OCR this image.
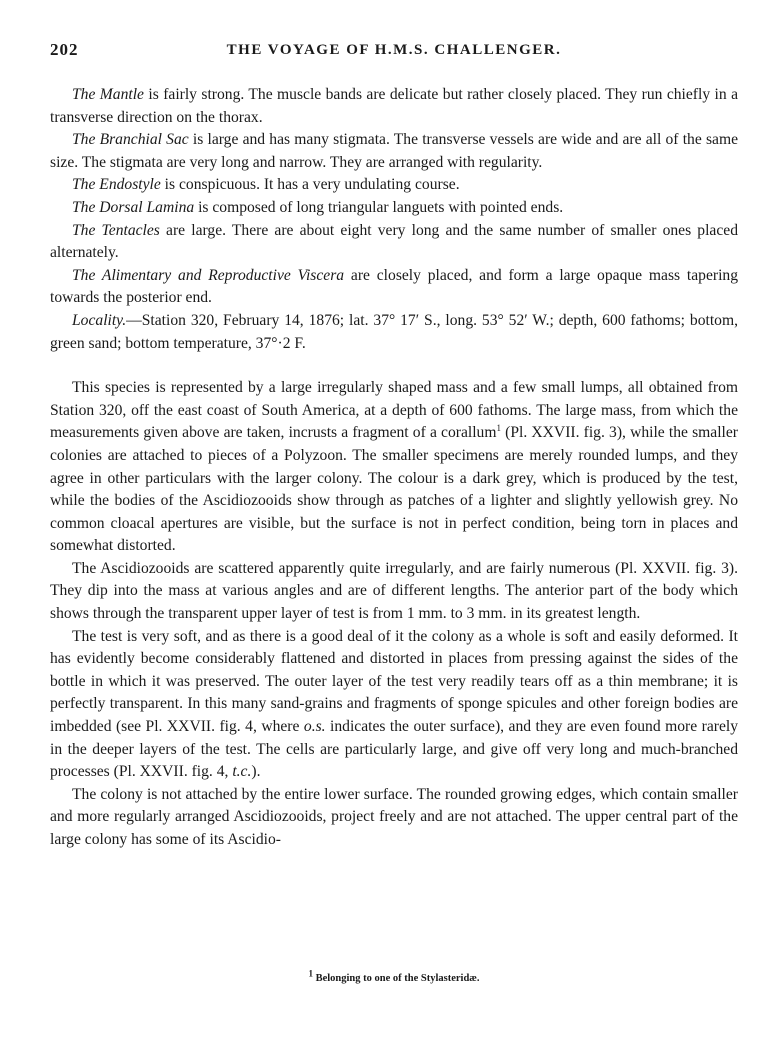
202	THE VOYAGE OF H.M.S. CHALLENGER.

The Mantle is fairly strong. The muscle bands are delicate but rather closely placed. They run chiefly in a transverse direction on the thorax.

The Branchial Sac is large and has many stigmata. The transverse vessels are wide and are all of the same size. The stigmata are very long and narrow. They are arranged with regularity.

The Endostyle is conspicuous. It has a very undulating course.

The Dorsal Lamina is composed of long triangular languets with pointed ends.

The Tentacles are large. There are about eight very long and the same number of smaller ones placed alternately.

The Alimentary and Reproductive Viscera are closely placed, and form a large opaque mass tapering towards the posterior end.

Locality.—Station 320, February 14, 1876; lat. 37° 17′ S., long. 53° 52′ W.; depth, 600 fathoms; bottom, green sand; bottom temperature, 37°·2 F.

This species is represented by a large irregularly shaped mass and a few small lumps, all obtained from Station 320, off the east coast of South America, at a depth of 600 fathoms. The large mass, from which the measurements given above are taken, incrusts a fragment of a corallum$^1$ (Pl. XXVII. fig. 3), while the smaller colonies are attached to pieces of a Polyzoon. The smaller specimens are merely rounded lumps, and they agree in other particulars with the larger colony. The colour is a dark grey, which is produced by the test, while the bodies of the Ascidiozooids show through as patches of a lighter and slightly yellowish grey. No common cloacal apertures are visible, but the surface is not in perfect condition, being torn in places and somewhat distorted.

The Ascidiozooids are scattered apparently quite irregularly, and are fairly numerous (Pl. XXVII. fig. 3). They dip into the mass at various angles and are of different lengths. The anterior part of the body which shows through the transparent upper layer of test is from 1 mm. to 3 mm. in its greatest length.

The test is very soft, and as there is a good deal of it the colony as a whole is soft and easily deformed. It has evidently become considerably flattened and distorted in places from pressing against the sides of the bottle in which it was preserved. The outer layer of the test very readily tears off as a thin membrane; it is perfectly transparent. In this many sand-grains and fragments of sponge spicules and other foreign bodies are imbedded (see Pl. XXVII. fig. 4, where o.s. indicates the outer surface), and they are even found more rarely in the deeper layers of the test. The cells are particularly large, and give off very long and much-branched processes (Pl. XXVII. fig. 4, t.c.).

The colony is not attached by the entire lower surface. The rounded growing edges, which contain smaller and more regularly arranged Ascidiozooids, project freely and are not attached. The upper central part of the large colony has some of its Ascidio-

$^1$ Belonging to one of the Stylasteridæ.
